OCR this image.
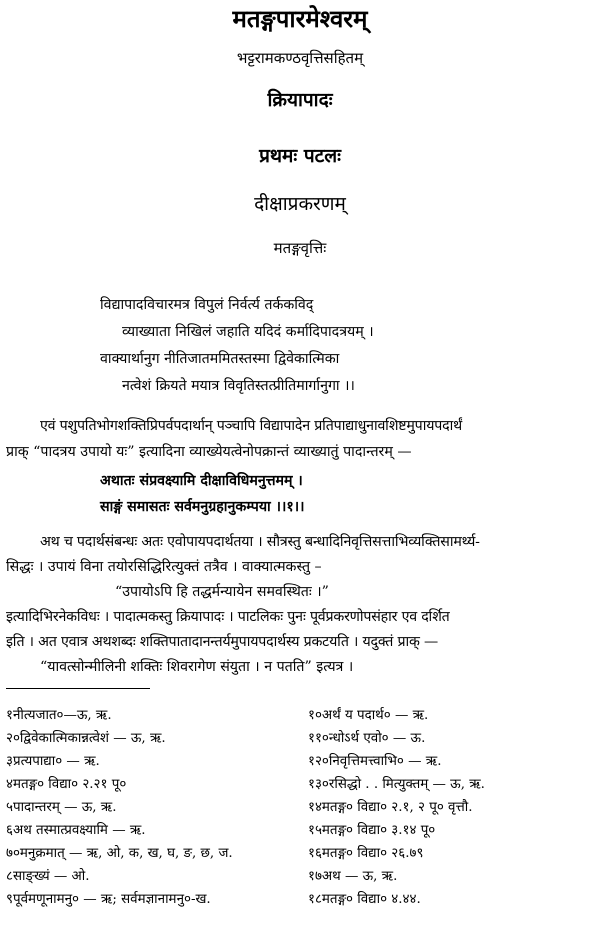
मतङ्गपारमेश्वरम्
भट्टरामकण्ठवृत्तिसहितम्
क्रियापादः
प्रथमः पटलः
दीक्षाप्रकरणम्
मतङ्गवृत्तिः
विद्यापादविचारमत्र विपुलं निर्वर्त्य तर्ककविद्
व्याख्याता निखिलं जहाति यदिदं कर्मादिपादत्रयम् ।
वाक्यार्थानुग नीतिजातममितस्तस्मा द्विवेकात्मिका
नत्वेशं क्रियते मयात्र विवृतिस्तत्प्रीतिमार्गानुगा ।।
एवं पशुपतिभोगशक्तिप्रिपर्वपदार्थान् पञ्चापि विद्यापादेन प्रतिपाद्याधुनावशिष्टमुपायपदार्थं
प्राक् “पादत्रय उपायो यः” इत्यादिना व्याख्येयत्वेनोपक्रान्तं व्याख्यातुं पादान्तरम् —
अथातः संप्रवक्ष्यामि दीक्षाविधिमनुत्तमम् ।
साङ्गं समासतः सर्वमनुग्रहानुकम्पया ।।१।।
अथ च पदार्थसंबन्धः अतः एवोपायपदार्थतया । सौत्रस्तु बन्धादिनिवृत्तिसत्ताभिव्यक्तिसामर्थ्य-
सिद्धः । उपायं विना तयोरसिद्धिरित्युक्तं तत्रैव । वाक्यात्मकस्तु –
“उपायोऽपि हि तद्धर्मन्यायेन समवस्थितः ।”
इत्यादिभिरनेकविधः । पादात्मकस्तु क्रियापादः । पाटलिकः पुनः पूर्वप्रकरणोपसंहार एव दर्शित
इति । अत एवात्र अथशब्दः शक्तिपातादानन्तर्यमुपायपदार्थस्य प्रकटयति । यदुक्तं प्राक् —
“यावत्सोन्मीलिनी शक्तिः शिवरागेण संयुता । न पतति” इत्यत्र ।
१नीत्यजात०—ऊ, ऋ.
२०द्विवेकात्मिकान्नत्वेशं — ऊ, ऋ.
३प्रत्यपाद्या० — ऋ.
४मतङ्ग० विद्या० २.२१ पू०
५पादान्तरम् — ऊ, ऋ.
६अथ तस्मात्प्रवक्ष्यामि — ऋ.
७०मनुक्रमात् — ऋ, ओ, क, ख, घ, ङ, छ, ज.
८साङ्ख्यं — ओ.
९पूर्वमणूनामनु० — ऋ; सर्वमज्ञानामनु०-ख.
१०अर्थं य पदार्थ० — ऋ.
११०न्धोऽर्थ एवो० — ऊ.
१२०निवृत्तिमत्त्वाभि० — ऋ.
१३०रसिद्धो . . मित्युक्तम् — ऊ, ऋ.
१४मतङ्ग० विद्या० २.१, २ पू० वृत्तौ.
१५मतङ्ग० विद्या० ३.१४ पू०
१६मतङ्ग० विद्या० २६.७९
१७अथ — ऊ, ऋ.
१८मतङ्ग० विद्या० ४.४४.
